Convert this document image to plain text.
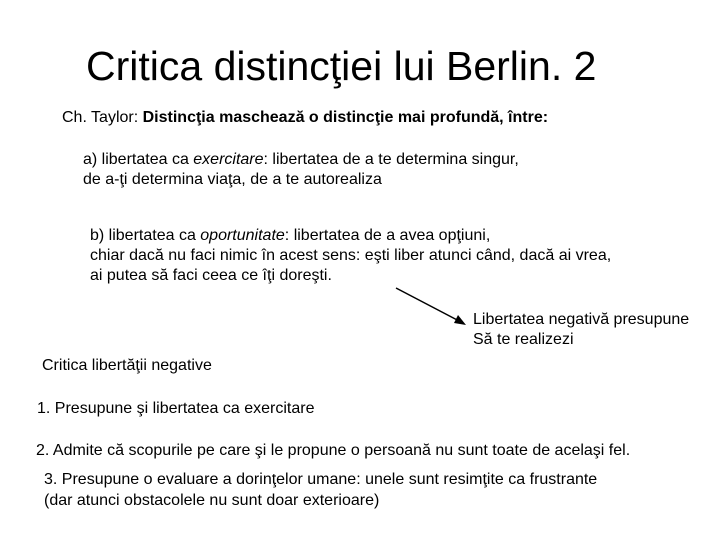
Critica distincţiei lui Berlin. 2
Ch. Taylor: Distincţia maschează o distincţie mai profundă, între:
a) libertatea ca exercitare: libertatea de a te determina singur,
de a-ţi determina viaţa, de a te autorealiza
b) libertatea ca oportunitate: libertatea de a avea opţiuni,
chiar dacă nu faci nimic în acest sens: eşti liber atunci când, dacă ai vrea,
ai putea să faci ceea ce îţi doreşti.
Libertatea negativă presupune
Să te realizezi
Critica libertăţii negative
1. Presupune şi libertatea ca exercitare
2. Admite că scopurile pe care şi le propune o persoană nu sunt toate de acelaşi fel.
3. Presupune o evaluare a dorinţelor umane: unele sunt resimţite ca frustrante
(dar atunci obstacolele nu sunt doar exterioare)
